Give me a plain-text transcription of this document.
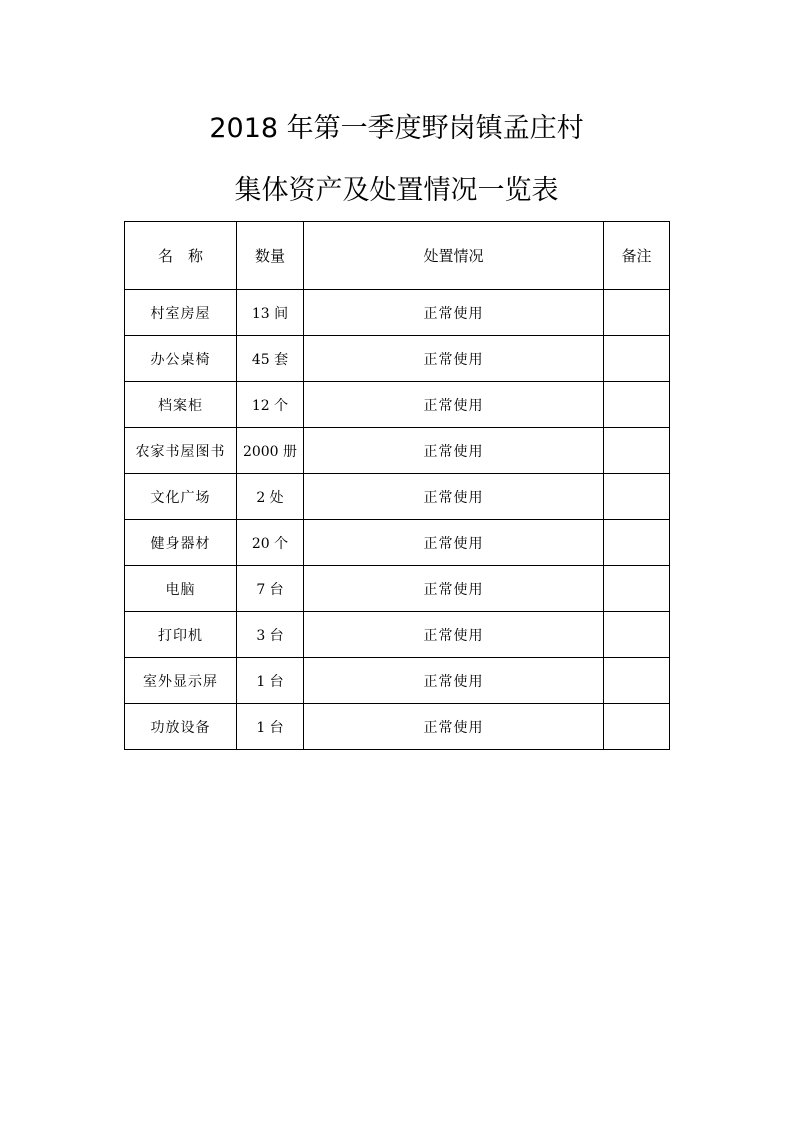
2018 年第一季度野岗镇孟庄村
集体资产及处置情况一览表
名　称	数量	处置情况	备注
村室房屋	13 间	正常使用	
办公桌椅	45 套	正常使用	
档案柜	12 个	正常使用	
农家书屋图书	2000 册	正常使用	
文化广场	2 处	正常使用	
健身器材	20 个	正常使用	
电脑	7 台	正常使用	
打印机	3 台	正常使用	
室外显示屏	1 台	正常使用	
功放设备	1 台	正常使用	
